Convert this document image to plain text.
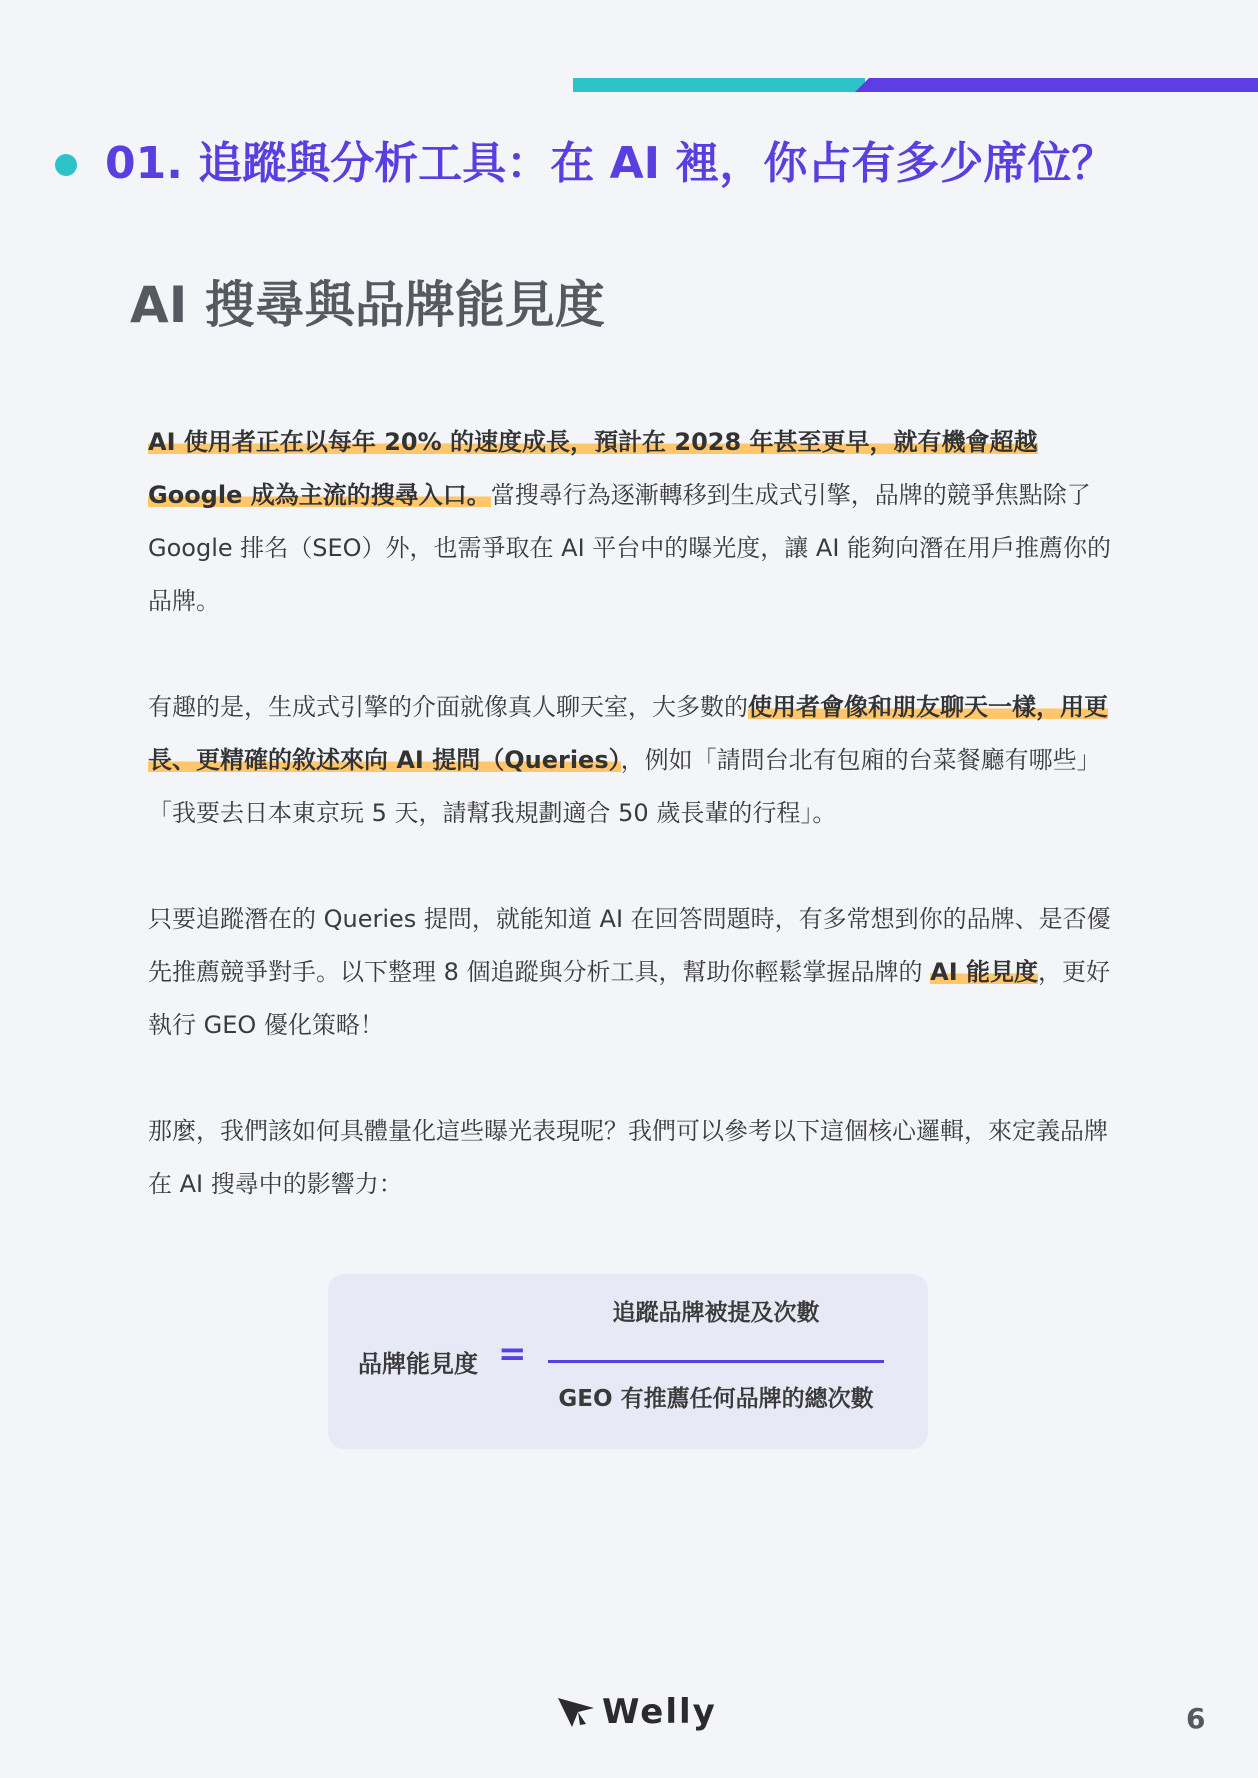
01. 追蹤與分析工具：在 AI 裡，你占有多少席位？
AI 搜尋與品牌能見度

AI 使用者正在以每年 20% 的速度成長，預計在 2028 年甚至更早，就有機會超越 Google 成為主流的搜尋入口。當搜尋行為逐漸轉移到生成式引擎，品牌的競爭焦點除了 Google 排名（SEO）外，也需爭取在 AI 平台中的曝光度，讓 AI 能夠向潛在用戶推薦你的品牌。

有趣的是，生成式引擎的介面就像真人聊天室，大多數的使用者會像和朋友聊天一樣，用更長、更精確的敘述來向 AI 提問（Queries），例如「請問台北有包廂的台菜餐廳有哪些」「我要去日本東京玩 5 天，請幫我規劃適合 50 歲長輩的行程」。

只要追蹤潛在的 Queries 提問，就能知道 AI 在回答問題時，有多常想到你的品牌、是否優先推薦競爭對手。以下整理 8 個追蹤與分析工具，幫助你輕鬆掌握品牌的 AI 能見度，更好執行 GEO 優化策略！

那麼，我們該如何具體量化這些曝光表現呢？我們可以參考以下這個核心邏輯，來定義品牌在 AI 搜尋中的影響力：

品牌能見度 =
追蹤品牌被提及次數
GEO 有推薦任何品牌的總次數
Welly	6
